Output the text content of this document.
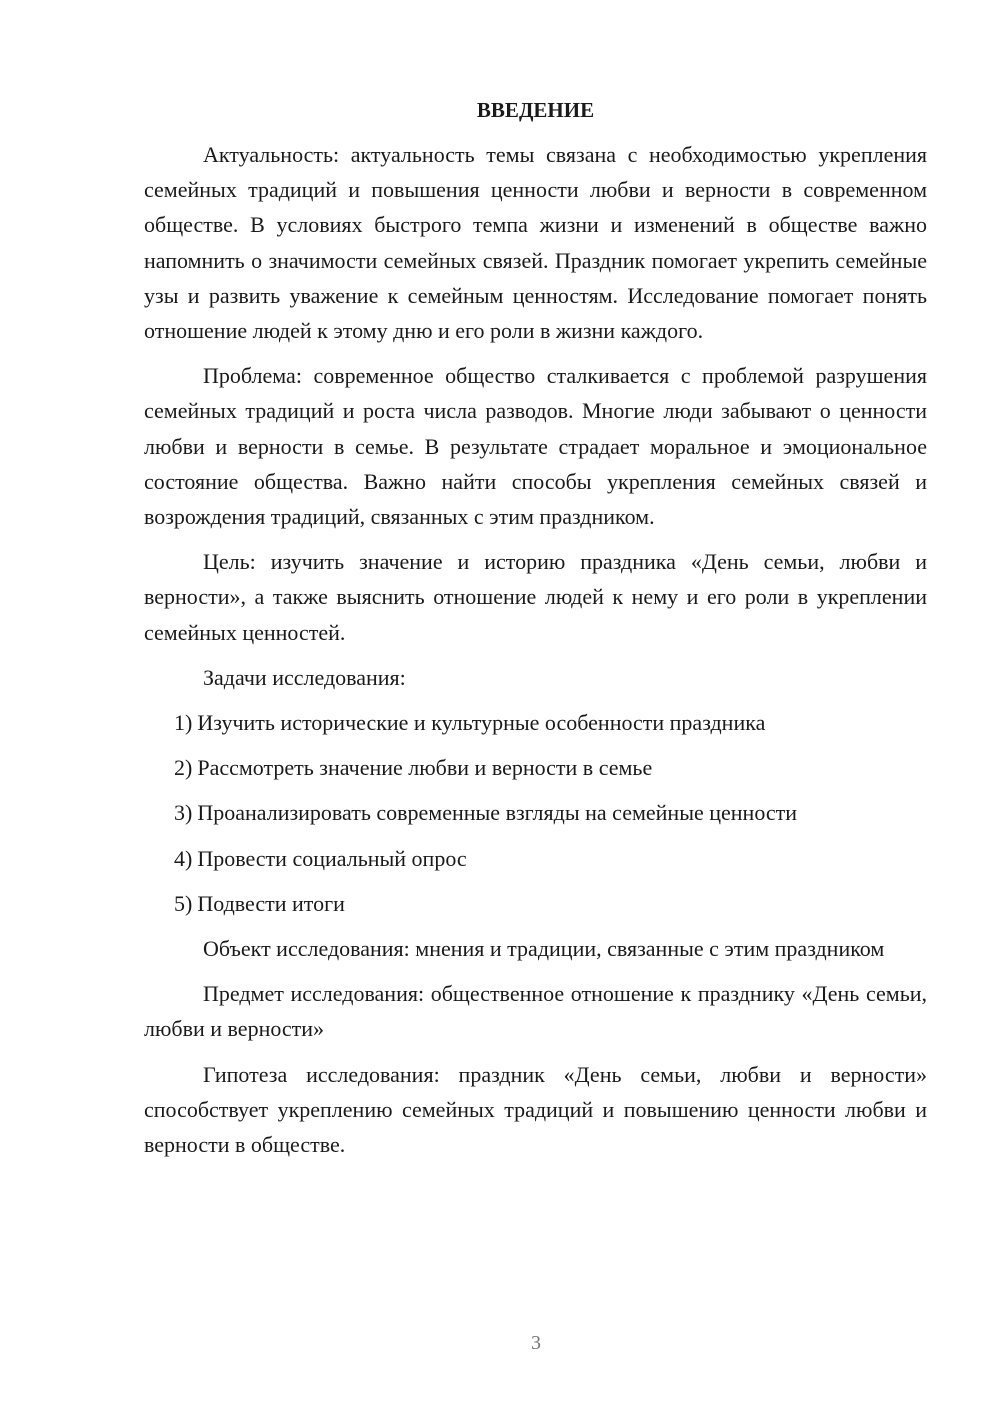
ВВЕДЕНИЕ

Актуальность: актуальность темы связана с необходимостью укрепления семейных традиций и повышения ценности любви и верности в современном обществе. В условиях быстрого темпа жизни и изменений в обществе важно напомнить о значимости семейных связей. Праздник помогает укрепить семейные узы и развить уважение к семейным ценностям. Исследование помогает понять отношение людей к этому дню и его роли в жизни каждого.

Проблема: современное общество сталкивается с проблемой разрушения семейных традиций и роста числа разводов. Многие люди забывают о ценности любви и верности в семье. В результате страдает моральное и эмоциональное состояние общества. Важно найти способы укрепления семейных связей и возрождения традиций, связанных с этим праздником.

Цель: изучить значение и историю праздника «День семьи, любви и верности», а также выяснить отношение людей к нему и его роли в укреплении семейных ценностей.

Задачи исследования:

1) Изучить исторические и культурные особенности праздника
2) Рассмотреть значение любви и верности в семье
3) Проанализировать современные взгляды на семейные ценности
4) Провести социальный опрос
5) Подвести итоги

Объект исследования: мнения и традиции, связанные с этим праздником

Предмет исследования: общественное отношение к празднику «День семьи, любви и верности»

Гипотеза исследования: праздник «День семьи, любви и верности» способствует укреплению семейных традиций и повышению ценности любви и верности в обществе.

3
